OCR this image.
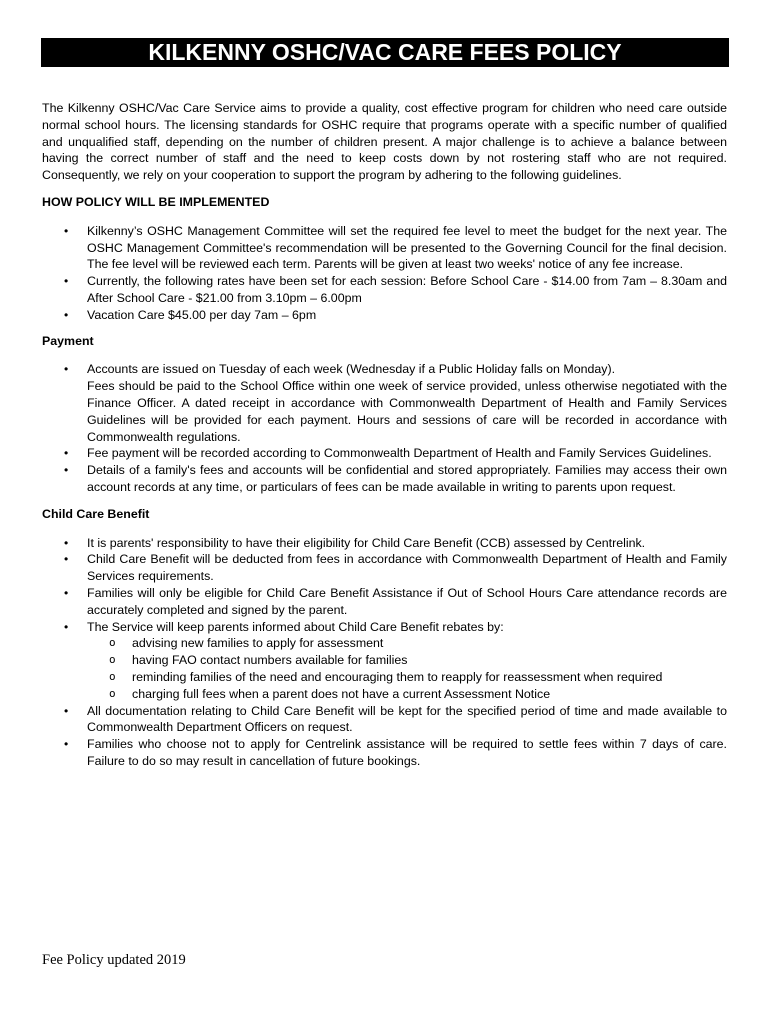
KILKENNY OSHC/VAC CARE FEES POLICY

The Kilkenny OSHC/Vac Care Service aims to provide a quality, cost effective program for children who need care outside normal school hours. The licensing standards for OSHC require that programs operate with a specific number of qualified and unqualified staff, depending on the number of children present. A major challenge is to achieve a balance between having the correct number of staff and the need to keep costs down by not rostering staff who are not required. Consequently, we rely on your cooperation to support the program by adhering to the following guidelines.

HOW POLICY WILL BE IMPLEMENTED
• Kilkenny’s OSHC Management Committee will set the required fee level to meet the budget for the next year. The OSHC Management Committee's recommendation will be presented to the Governing Council for the final decision. The fee level will be reviewed each term. Parents will be given at least two weeks' notice of any fee increase.
• Currently, the following rates have been set for each session: Before School Care - $14.00 from 7am – 8.30am and After School Care - $21.00 from 3.10pm – 6.00pm
• Vacation Care $45.00 per day 7am – 6pm
Payment
• Accounts are issued on Tuesday of each week (Wednesday if a Public Holiday falls on Monday).
Fees should be paid to the School Office within one week of service provided, unless otherwise negotiated with the Finance Officer. A dated receipt in accordance with Commonwealth Department of Health and Family Services Guidelines will be provided for each payment. Hours and sessions of care will be recorded in accordance with Commonwealth regulations.
• Fee payment will be recorded according to Commonwealth Department of Health and Family Services Guidelines.
• Details of a family's fees and accounts will be confidential and stored appropriately. Families may access their own account records at any time, or particulars of fees can be made available in writing to parents upon request.
Child Care Benefit
• It is parents' responsibility to have their eligibility for Child Care Benefit (CCB) assessed by Centrelink.
• Child Care Benefit will be deducted from fees in accordance with Commonwealth Department of Health and Family Services requirements.
• Families will only be eligible for Child Care Benefit Assistance if Out of School Hours Care attendance records are accurately completed and signed by the parent.
• The Service will keep parents informed about Child Care Benefit rebates by:
o advising new families to apply for assessment
o having FAO contact numbers available for families
o reminding families of the need and encouraging them to reapply for reassessment when required
o charging full fees when a parent does not have a current Assessment Notice
• All documentation relating to Child Care Benefit will be kept for the specified period of time and made available to Commonwealth Department Officers on request.
• Families who choose not to apply for Centrelink assistance will be required to settle fees within 7 days of care. Failure to do so may result in cancellation of future bookings.
Fee Policy updated 2019
